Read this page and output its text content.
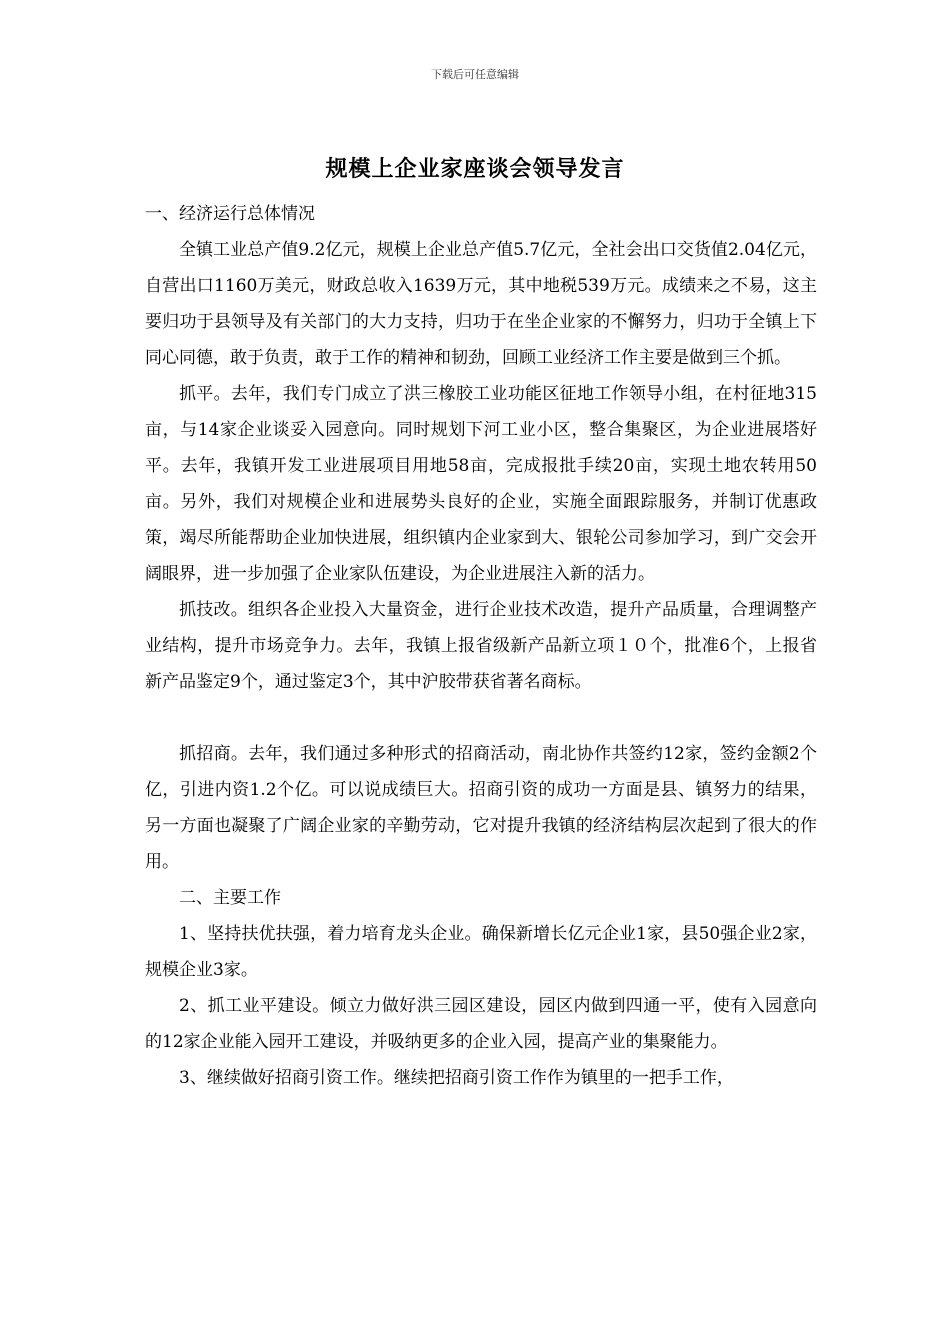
下载后可任意编辑
规模上企业家座谈会领导发言

一、经济运行总体情况

全镇工业总产值9.2亿元，规模上企业总产值5.7亿元，全社会出口交货值2.04亿元，自营出口1160万美元，财政总收入1639万元，其中地税539万元。成绩来之不易，这主要归功于县领导及有关部门的大力支持，归功于在坐企业家的不懈努力，归功于全镇上下同心同德，敢于负责，敢于工作的精神和韧劲，回顾工业经济工作主要是做到三个抓。

抓平。去年，我们专门成立了洪三橡胶工业功能区征地工作领导小组，在村征地315亩，与14家企业谈妥入园意向。同时规划下河工业小区，整合集聚区，为企业进展塔好平。去年，我镇开发工业进展项目用地58亩，完成报批手续20亩，实现土地农转用50亩。另外，我们对规模企业和进展势头良好的企业，实施全面跟踪服务，并制订优惠政策，竭尽所能帮助企业加快进展，组织镇内企业家到大、银轮公司参加学习，到广交会开阔眼界，进一步加强了企业家队伍建设，为企业进展注入新的活力。

抓技改。组织各企业投入大量资金，进行企业技术改造，提升产品质量，合理调整产业结构，提升市场竞争力。去年，我镇上报省级新产品新立项１０个，批准6个，上报省新产品鉴定9个，通过鉴定3个，其中沪胶带获省著名商标。

抓招商。去年，我们通过多种形式的招商活动，南北协作共签约12家，签约金额2个亿，引进内资1.2个亿。可以说成绩巨大。招商引资的成功一方面是县、镇努力的结果，另一方面也凝聚了广阔企业家的辛勤劳动，它对提升我镇的经济结构层次起到了很大的作用。

二、主要工作

1、坚持扶优扶强，着力培育龙头企业。确保新增长亿元企业1家，县50强企业2家，规模企业3家。

2、抓工业平建设。倾立力做好洪三园区建设，园区内做到四通一平，使有入园意向的12家企业能入园开工建设，并吸纳更多的企业入园，提高产业的集聚能力。

3、继续做好招商引资工作。继续把招商引资工作作为镇里的一把手工作，
